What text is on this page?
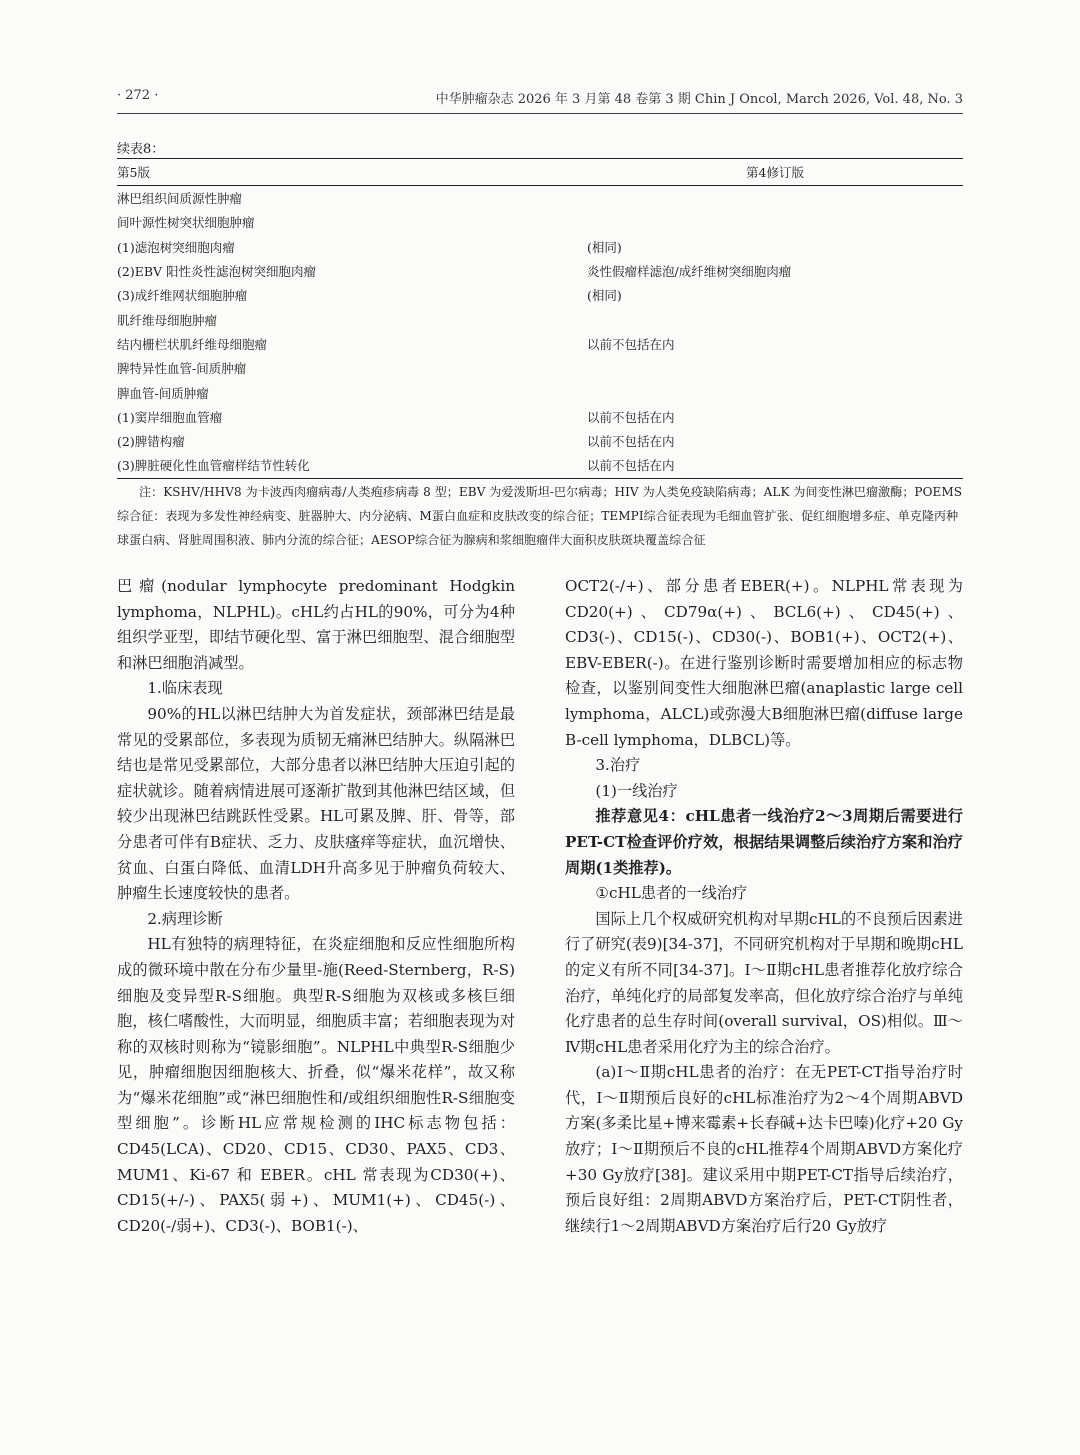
· 272 ·	中华肿瘤杂志 2026 年 3 月第 48 卷第 3 期 Chin J Oncol, March 2026, Vol. 48, No. 3
续表8：
第5版	第4修订版
淋巴组织间质源性肿瘤	
间叶源性树突状细胞肿瘤	
(1)滤泡树突细胞肉瘤	(相同)
(2)EBV 阳性炎性滤泡树突细胞肉瘤	炎性假瘤样滤泡/成纤维树突细胞肉瘤
(3)成纤维网状细胞肿瘤	(相同)
肌纤维母细胞肿瘤	
结内栅栏状肌纤维母细胞瘤	以前不包括在内
脾特异性血管-间质肿瘤	
脾血管-间质肿瘤	
(1)窦岸细胞血管瘤	以前不包括在内
(2)脾错构瘤	以前不包括在内
(3)脾脏硬化性血管瘤样结节性转化	以前不包括在内
注：KSHV/HHV8 为卡波西肉瘤病毒/人类疱疹病毒 8 型；EBV 为爱泼斯坦-巴尔病毒；HIV 为人类免疫缺陷病毒；ALK 为间变性淋巴瘤激酶；POEMS综合征：表现为多发性神经病变、脏器肿大、内分泌病、M蛋白血症和皮肤改变的综合征；TEMPI综合征表现为毛细血管扩张、促红细胞增多症、单克隆丙种球蛋白病、肾脏周围积液、肺内分流的综合征；AESOP综合征为腺病和浆细胞瘤伴大面积皮肤斑块覆盖综合征

巴瘤(nodular lymphocyte predominant Hodgkin lymphoma，NLPHL)。cHL约占HL的90%，可分为4种组织学亚型，即结节硬化型、富于淋巴细胞型、混合细胞型和淋巴细胞消减型。

1.临床表现

90%的HL以淋巴结肿大为首发症状，颈部淋巴结是最常见的受累部位，多表现为质韧无痛淋巴结肿大。纵隔淋巴结也是常见受累部位，大部分患者以淋巴结肿大压迫引起的症状就诊。随着病情进展可逐渐扩散到其他淋巴结区域，但较少出现淋巴结跳跃性受累。HL可累及脾、肝、骨等，部分患者可伴有B症状、乏力、皮肤瘙痒等症状，血沉增快、贫血、白蛋白降低、血清LDH升高多见于肿瘤负荷较大、肿瘤生长速度较快的患者。

2.病理诊断

HL有独特的病理特征，在炎症细胞和反应性细胞所构成的微环境中散在分布少量里-施(Reed-Sternberg，R-S)细胞及变异型R-S细胞。典型R-S细胞为双核或多核巨细胞，核仁嗜酸性，大而明显，细胞质丰富；若细胞表现为对称的双核时则称为“镜影细胞”。NLPHL中典型R-S细胞少见，肿瘤细胞因细胞核大、折叠，似“爆米花样”，故又称为“爆米花细胞”或“淋巴细胞性和/或组织细胞性R-S细胞变型细胞”。诊断HL应常规检测的IHC标志物包括：CD45(LCA)、CD20、CD15、CD30、PAX5、CD3、MUM1、Ki-67 和 EBER。cHL 常表现为CD30(+)、CD15(+/-)、PAX5(弱+)、MUM1(+)、CD45(-)、CD20(-/弱+)、CD3(-)、BOB1(-)、

OCT2(-/+)、部分患者EBER(+)。NLPHL常表现为CD20(+)、CD79α(+)、BCL6(+)、CD45(+)、CD3(-)、CD15(-)、CD30(-)、BOB1(+)、OCT2(+)、EBV-EBER(-)。在进行鉴别诊断时需要增加相应的标志物检查，以鉴别间变性大细胞淋巴瘤(anaplastic large cell lymphoma，ALCL)或弥漫大B细胞淋巴瘤(diffuse large B-cell lymphoma，DLBCL)等。

3.治疗

(1)一线治疗

推荐意见4：cHL患者一线治疗2～3周期后需要进行PET-CT检查评价疗效，根据结果调整后续治疗方案和治疗周期(1类推荐)。

①cHL患者的一线治疗

国际上几个权威研究机构对早期cHL的不良预后因素进行了研究(表9)[34-37]，不同研究机构对于早期和晚期cHL的定义有所不同[34-37]。Ⅰ～Ⅱ期cHL患者推荐化放疗综合治疗，单纯化疗的局部复发率高，但化放疗综合治疗与单纯化疗患者的总生存时间(overall survival，OS)相似。Ⅲ～Ⅳ期cHL患者采用化疗为主的综合治疗。

(a)Ⅰ～Ⅱ期cHL患者的治疗：在无PET-CT指导治疗时代，Ⅰ～Ⅱ期预后良好的cHL标准治疗为2～4个周期ABVD方案(多柔比星+博来霉素+长春碱+达卡巴嗪)化疗+20 Gy放疗；Ⅰ～Ⅱ期预后不良的cHL推荐4个周期ABVD方案化疗+30 Gy放疗[38]。建议采用中期PET-CT指导后续治疗，预后良好组：2周期ABVD方案治疗后，PET-CT阴性者，继续行1～2周期ABVD方案治疗后行20 Gy放疗
